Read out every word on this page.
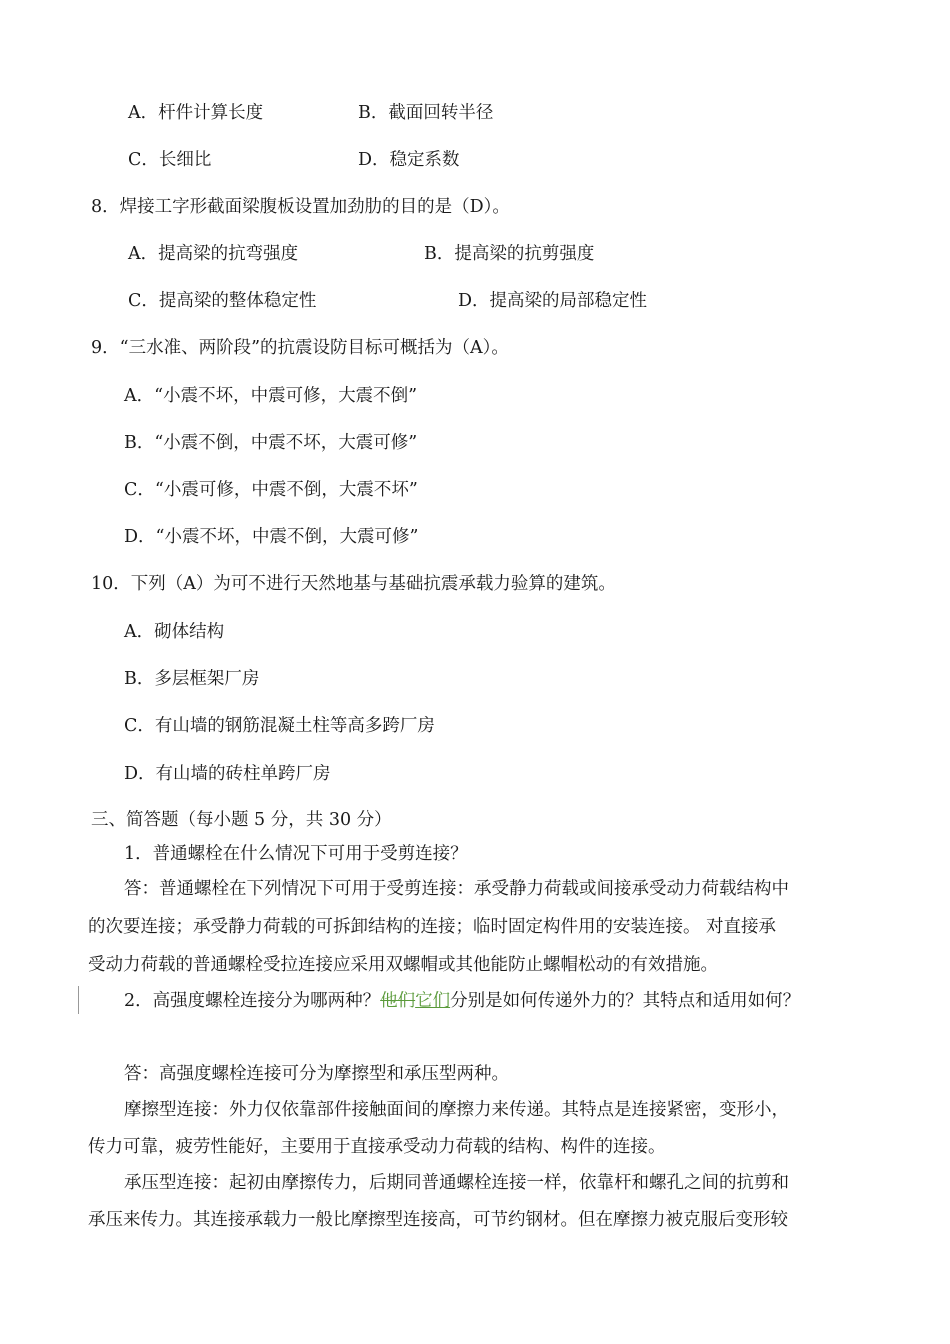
A．杆件计算长度	B．截面回转半径
C．长细比	D．稳定系数
8．焊接工字形截面梁腹板设置加劲肋的目的是（D）。
A．提高梁的抗弯强度	B．提高梁的抗剪强度
C．提高梁的整体稳定性	D．提高梁的局部稳定性
9．“三水准、两阶段”的抗震设防目标可概括为（A）。
A．“小震不坏，中震可修，大震不倒”
B．“小震不倒，中震不坏，大震可修”
C．“小震可修，中震不倒，大震不坏”
D．“小震不坏，中震不倒，大震可修”
10．下列（A）为可不进行天然地基与基础抗震承载力验算的建筑。
A．砌体结构
B．多层框架厂房
C．有山墙的钢筋混凝土柱等高多跨厂房
D．有山墙的砖柱单跨厂房
三、简答题（每小题 5 分，共 30 分）
1．普通螺栓在什么情况下可用于受剪连接？
答：普通螺栓在下列情况下可用于受剪连接：承受静力荷载或间接承受动力荷载结构中
的次要连接；承受静力荷载的可拆卸结构的连接；临时固定构件用的安装连接。 对直接承
受动力荷载的普通螺栓受拉连接应采用双螺帽或其他能防止螺帽松动的有效措施。
2．高强度螺栓连接分为哪两种？他们它们分别是如何传递外力的？其特点和适用如何？
答：高强度螺栓连接可分为摩擦型和承压型两种。
摩擦型连接：外力仅依靠部件接触面间的摩擦力来传递。其特点是连接紧密，变形小，
传力可靠，疲劳性能好，主要用于直接承受动力荷载的结构、构件的连接。
承压型连接：起初由摩擦传力，后期同普通螺栓连接一样，依靠杆和螺孔之间的抗剪和
承压来传力。其连接承载力一般比摩擦型连接高，可节约钢材。但在摩擦力被克服后变形较
